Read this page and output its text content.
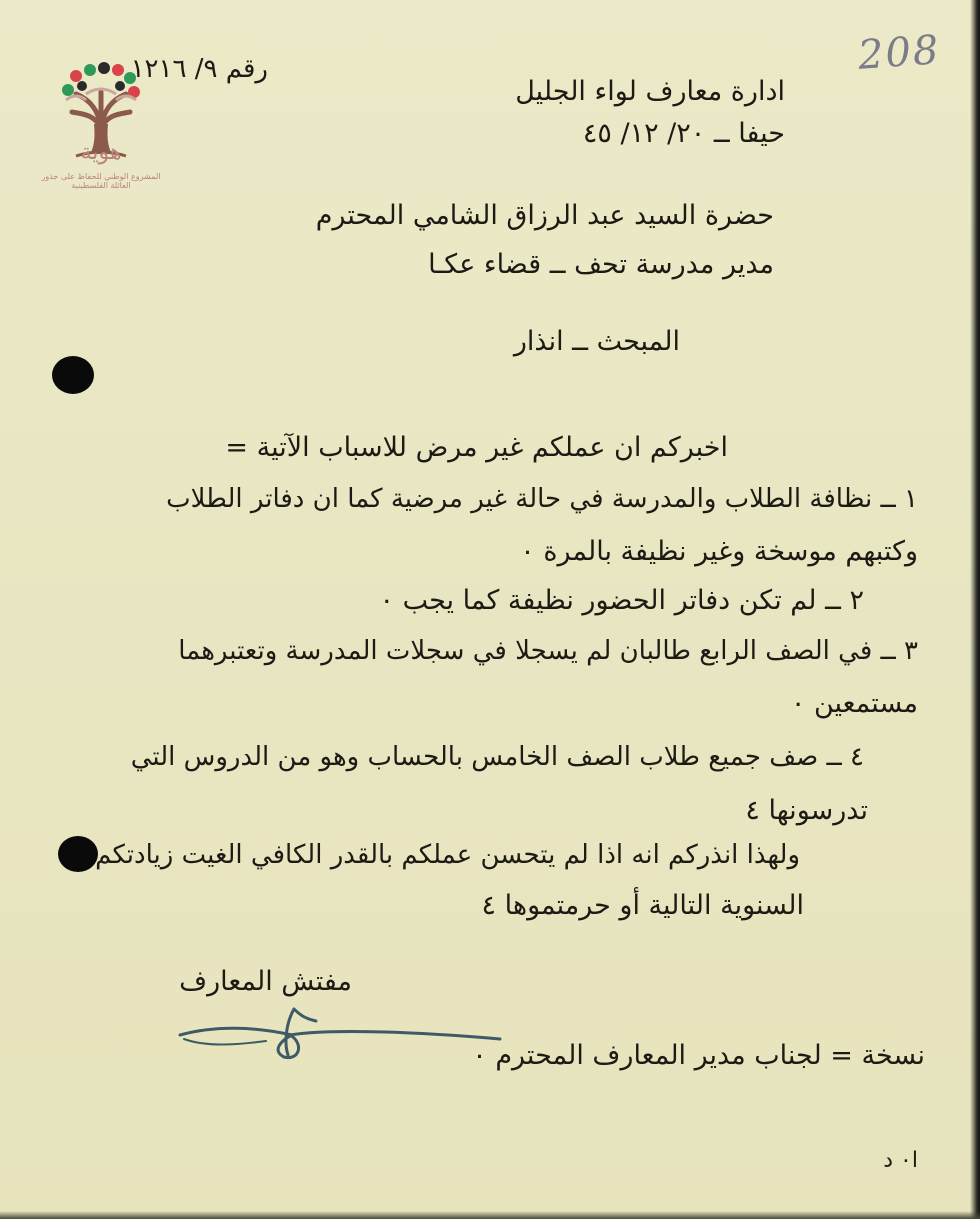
هوية
المشروع الوطني للحفاظ على جذور العائلة الفلسطينية
208
رقم ٩/ ١٢١٦
ادارة معارف لواء الجليل
حيفا ــ ٢٠/ ١٢/ ٤٥
حضرة السيد عبد الرزاق الشامي المحترم
مدير مدرسة تحف ــ قضاء عكـا
المبحث ــ انذار
اخبركم ان عملكم غير مرض للاسباب الآتية =
١ ــ نظافة الطلاب والمدرسة في حالة غير مرضية كما ان دفاتر الطلاب
وكتبهم موسخة وغير نظيفة بالمرة ٠
٢ ــ لم تكن دفاتر الحضور نظيفة كما يجب ٠
٣ ــ في الصف الرابع طالبان لم يسجلا في سجلات المدرسة وتعتبرهما
مستمعين ٠
٤ ــ صف جميع طلاب الصف الخامس بالحساب وهو من الدروس التي
تدرسونها ٤
ولهذا انذركم انه اذا لم يتحسن عملكم بالقدر الكافي الغيت زيادتكم
السنوية التالية أو حرمتموها ٤
مفتش المعارف
نسخة = لجناب مدير المعارف المحترم ٠
ا٠ د
